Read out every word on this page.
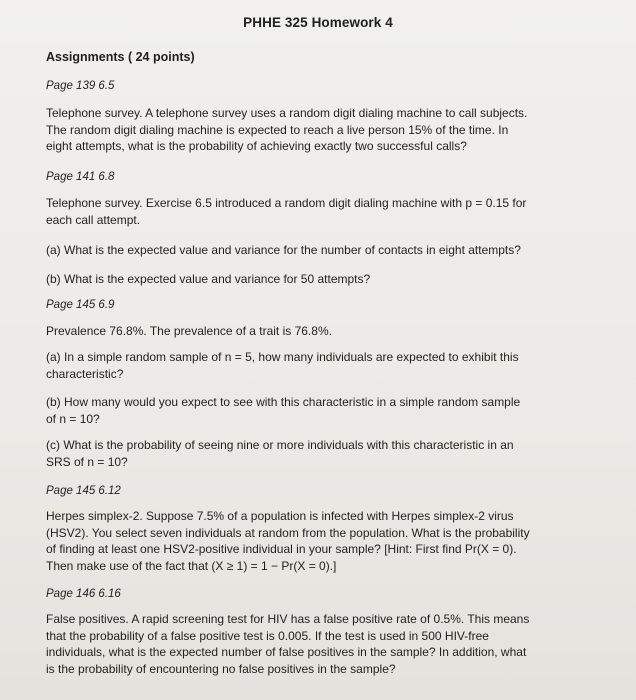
PHHE 325 Homework 4
Assignments ( 24 points)
Page 139 6.5
Telephone survey. A telephone survey uses a random digit dialing machine to call subjects.
The random digit dialing machine is expected to reach a live person 15% of the time. In
eight attempts, what is the probability of achieving exactly two successful calls?
Page 141 6.8
Telephone survey. Exercise 6.5 introduced a random digit dialing machine with p = 0.15 for
each call attempt.
(a) What is the expected value and variance for the number of contacts in eight attempts?
(b) What is the expected value and variance for 50 attempts?
Page 145 6.9
Prevalence 76.8%. The prevalence of a trait is 76.8%.
(a) In a simple random sample of n = 5, how many individuals are expected to exhibit this
characteristic?
(b) How many would you expect to see with this characteristic in a simple random sample
of n = 10?
(c) What is the probability of seeing nine or more individuals with this characteristic in an
SRS of n = 10?
Page 145 6.12
Herpes simplex-2. Suppose 7.5% of a population is infected with Herpes simplex-2 virus
(HSV2). You select seven individuals at random from the population. What is the probability
of finding at least one HSV2-positive individual in your sample? [Hint: First find Pr(X = 0).
Then make use of the fact that (X ≥ 1) = 1 − Pr(X = 0).]
Page 146 6.16
False positives. A rapid screening test for HIV has a false positive rate of 0.5%. This means
that the probability of a false positive test is 0.005. If the test is used in 500 HIV-free
individuals, what is the expected number of false positives in the sample? In addition, what
is the probability of encountering no false positives in the sample?
